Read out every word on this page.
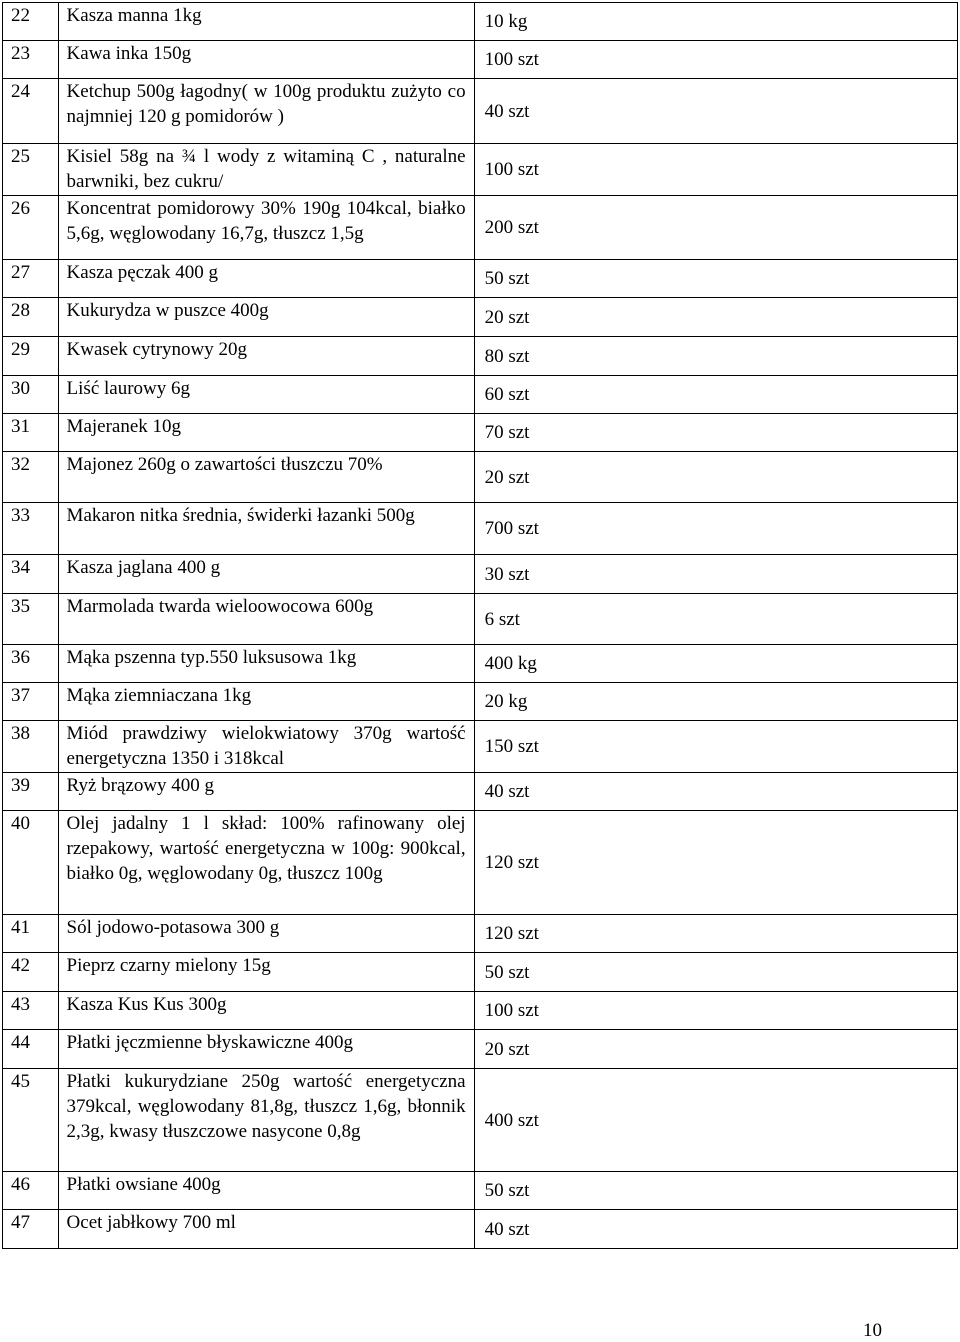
22	Kasza manna 1kg	10 kg
23	Kawa inka 150g	100 szt
24	Ketchup 500g łagodny( w 100g produktu zużyto co najmniej 120 g pomidorów )	40 szt
25	Kisiel 58g na ¾ l wody z witaminą C , naturalne barwniki, bez cukru/	100 szt
26	Koncentrat pomidorowy 30% 190g 104kcal, białko 5,6g, węglowodany 16,7g, tłuszcz 1,5g	200 szt
27	Kasza pęczak 400 g	50 szt
28	Kukurydza w puszce 400g	20 szt
29	Kwasek cytrynowy 20g	80 szt
30	Liść laurowy 6g	60 szt
31	Majeranek 10g	70 szt
32	Majonez 260g o zawartości tłuszczu 70%	20 szt
33	Makaron nitka średnia, świderki łazanki 500g	700 szt
34	Kasza jaglana 400 g	30 szt
35	Marmolada twarda wieloowocowa 600g	6 szt
36	Mąka pszenna typ.550 luksusowa 1kg	400 kg
37	Mąka ziemniaczana 1kg	20 kg
38	Miód prawdziwy wielokwiatowy 370g wartość energetyczna 1350 i 318kcal	150 szt
39	Ryż brązowy 400 g	40 szt
40	Olej jadalny 1 l skład: 100% rafinowany olej rzepakowy, wartość energetyczna w 100g: 900kcal, białko 0g, węglowodany 0g, tłuszcz 100g	120 szt
41	Sól jodowo-potasowa 300 g	120 szt
42	Pieprz czarny mielony 15g	50 szt
43	Kasza Kus Kus 300g	100 szt
44	Płatki jęczmienne błyskawiczne 400g	20 szt
45	Płatki kukurydziane 250g wartość energetyczna 379kcal, węglowodany 81,8g, tłuszcz 1,6g, błonnik 2,3g, kwasy tłuszczowe nasycone 0,8g	400 szt
46	Płatki owsiane 400g	50 szt
47	Ocet jabłkowy 700 ml	40 szt
10
